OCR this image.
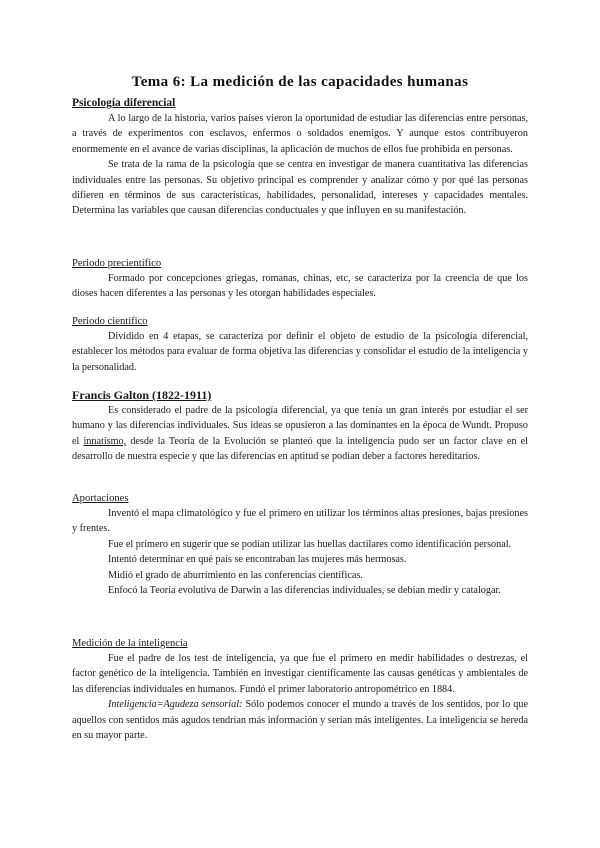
Tema 6: La medición de las capacidades humanas
Psicología diferencial

A lo largo de la historia, varios países vieron la oportunidad de estudiar las diferencias entre personas, a través de experimentos con esclavos, enfermos o soldados enemigos. Y aunque estos contribuyeron enormemente en el avance de varias disciplinas, la aplicación de muchos de ellos fue prohibida en personas.

Se trata de la rama de la psicología que se centra en investigar de manera cuantitativa las diferencias individuales entre las personas. Su objetivo principal es comprender y analizar cómo y por qué las personas difieren en términos de sus características, habilidades, personalidad, intereses y capacidades mentales. Determina las variables que causan diferencias conductuales y que influyen en su manifestación.

Periodo precientífico

Formado por concepciones griegas, romanas, chinas, etc, se caracteriza por la creencia de que los dioses hacen diferentes a las personas y les otorgan habilidades especiales.

Periodo científico

Dividido en 4 etapas, se caracteriza por definir el objeto de estudio de la psicología diferencial, establecer los métodos para evaluar de forma objetiva las diferencias y consolidar el estudio de la inteligencia y la personalidad.

Francis Galton (1822-1911)

Es considerado el padre de la psicología diferencial, ya que tenía un gran interés por estudiar el ser humano y las diferencias individuales. Sus ideas se opusieron a las dominantes en la época de Wundt. Propuso el innatismo, desde la Teoría de la Evolución se planteó que la inteligencia pudo ser un factor clave en el desarrollo de nuestra especie y que las diferencias en aptitud se podían deber a factores hereditarios.

Aportaciones

Inventó el mapa climatológico y fue el primero en utilizar los términos altas presiones, bajas presiones y frentes.

Fue el primero en sugerir que se podían utilizar las huellas dactilares como identificación personal.

Intentó determinar en qué país se encontraban las mujeres más hermosas.

Midió el grado de aburrimiento en las conferencias científicas.

Enfocó la Teoría evolutiva de Darwin a las diferencias individuales, se debían medir y catalogar.

Medición de la inteligencia

Fue el padre de los test de inteligencia, ya que fue el primero en medir habilidades o destrezas, el factor genético de la inteligencia. También en investigar científicamente las causas genéticas y ambientales de las diferencias individuales en humanos. Fundó el primer laboratorio antropométrico en 1884.

Inteligencia=Agudeza sensorial: Sólo podemos conocer el mundo a través de los sentidos, por lo que aquellos con sentidos más agudos tendrían más información y serían más inteligentes. La inteligencia se hereda en su mayor parte.
